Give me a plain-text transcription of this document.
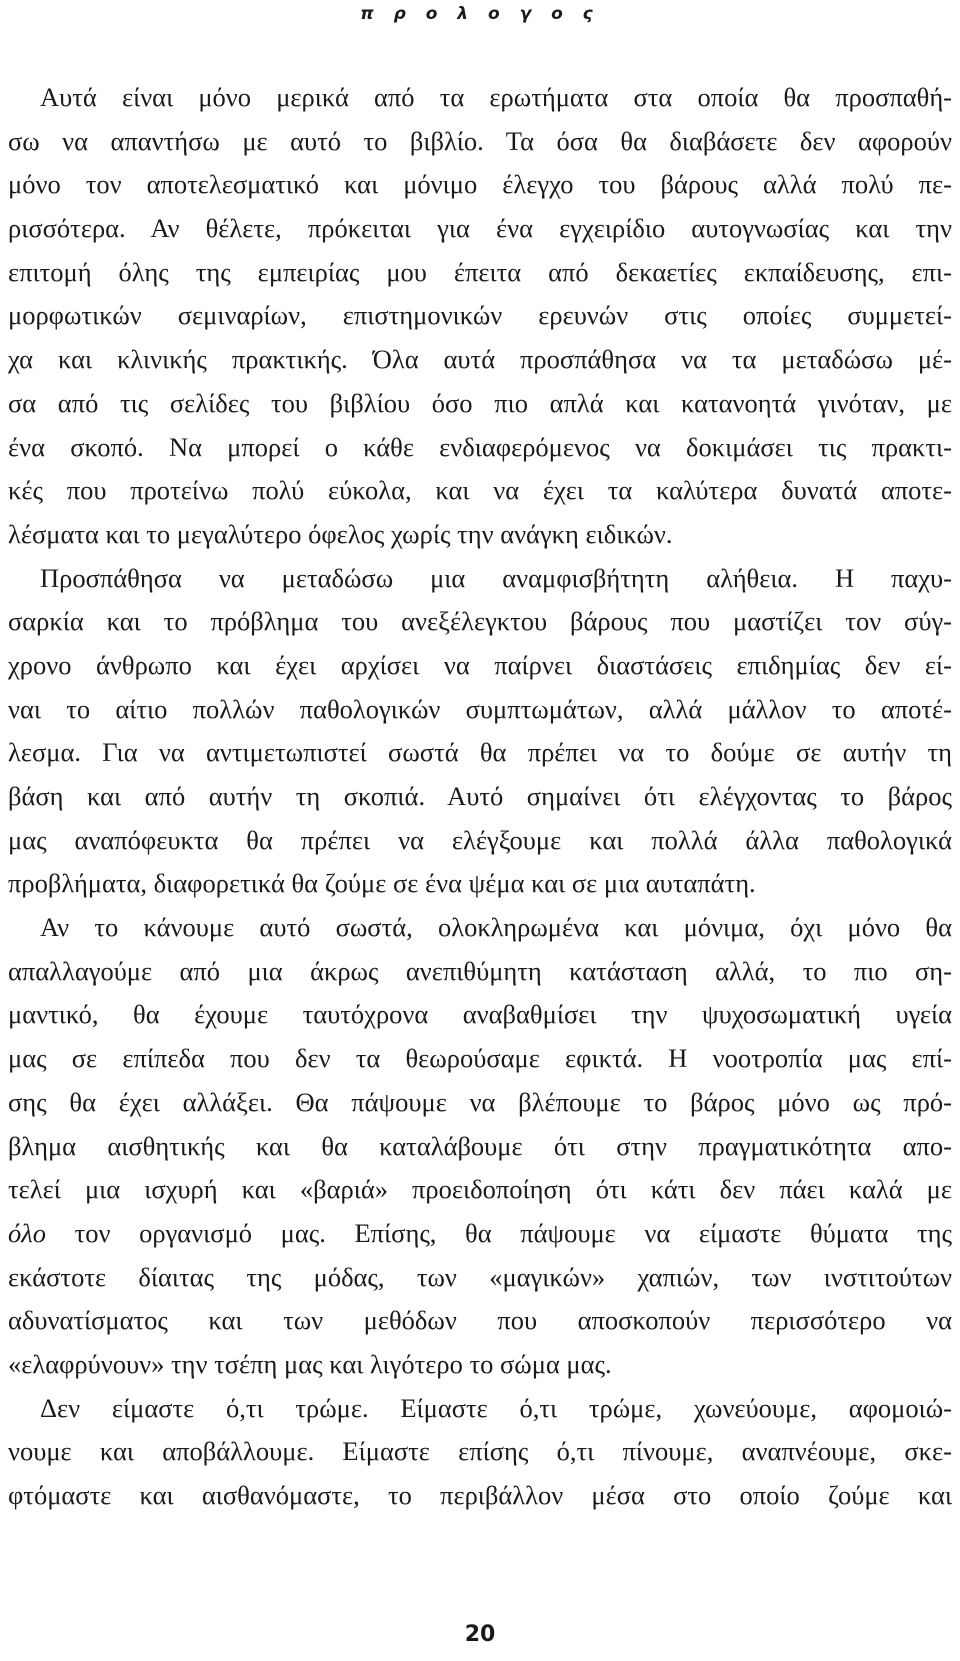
π ρ ο λ ο γ ο ς
Αυτά είναι μόνο μερικά από τα ερωτήματα στα οποία θα προσπαθή-
σω να απαντήσω με αυτό το βιβλίο. Τα όσα θα διαβάσετε δεν αφορούν
μόνο τον αποτελεσματικό και μόνιμο έλεγχο του βάρους αλλά πολύ πε-
ρισσότερα. Αν θέλετε, πρόκειται για ένα εγχειρίδιο αυτογνωσίας και την
επιτομή όλης της εμπειρίας μου έπειτα από δεκαετίες εκπαίδευσης, επι-
μορφωτικών σεμιναρίων, επιστημονικών ερευνών στις οποίες συμμετεί-
χα και κλινικής πρακτικής. Όλα αυτά προσπάθησα να τα μεταδώσω μέ-
σα από τις σελίδες του βιβλίου όσο πιο απλά και κατανοητά γινόταν, με
ένα σκοπό. Να μπορεί ο κάθε ενδιαφερόμενος να δοκιμάσει τις πρακτι-
κές που προτείνω πολύ εύκολα, και να έχει τα καλύτερα δυνατά αποτε-
λέσματα και το μεγαλύτερο όφελος χωρίς την ανάγκη ειδικών.
Προσπάθησα να μεταδώσω μια αναμφισβήτητη αλήθεια. Η παχυ-
σαρκία και το πρόβλημα του ανεξέλεγκτου βάρους που μαστίζει τον σύγ-
χρονο άνθρωπο και έχει αρχίσει να παίρνει διαστάσεις επιδημίας δεν εί-
ναι το αίτιο πολλών παθολογικών συμπτωμάτων, αλλά μάλλον το αποτέ-
λεσμα. Για να αντιμετωπιστεί σωστά θα πρέπει να το δούμε σε αυτήν τη
βάση και από αυτήν τη σκοπιά. Αυτό σημαίνει ότι ελέγχοντας το βάρος
μας αναπόφευκτα θα πρέπει να ελέγξουμε και πολλά άλλα παθολογικά
προβλήματα, διαφορετικά θα ζούμε σε ένα ψέμα και σε μια αυταπάτη.
Αν το κάνουμε αυτό σωστά, ολοκληρωμένα και μόνιμα, όχι μόνο θα
απαλλαγούμε από μια άκρως ανεπιθύμητη κατάσταση αλλά, το πιο ση-
μαντικό, θα έχουμε ταυτόχρονα αναβαθμίσει την ψυχοσωματική υγεία
μας σε επίπεδα που δεν τα θεωρούσαμε εφικτά. Η νοοτροπία μας επί-
σης θα έχει αλλάξει. Θα πάψουμε να βλέπουμε το βάρος μόνο ως πρό-
βλημα αισθητικής και θα καταλάβουμε ότι στην πραγματικότητα απο-
τελεί μια ισχυρή και «βαριά» προειδοποίηση ότι κάτι δεν πάει καλά με
όλο τον οργανισμό μας. Επίσης, θα πάψουμε να είμαστε θύματα της
εκάστοτε δίαιτας της μόδας, των «μαγικών» χαπιών, των ινστιτούτων
αδυνατίσματος και των μεθόδων που αποσκοπούν περισσότερο να
«ελαφρύνουν» την τσέπη μας και λιγότερο το σώμα μας.
Δεν είμαστε ό,τι τρώμε. Είμαστε ό,τι τρώμε, χωνεύουμε, αφομοιώ-
νουμε και αποβάλλουμε. Είμαστε επίσης ό,τι πίνουμε, αναπνέουμε, σκε-
φτόμαστε και αισθανόμαστε, το περιβάλλον μέσα στο οποίο ζούμε και
20
